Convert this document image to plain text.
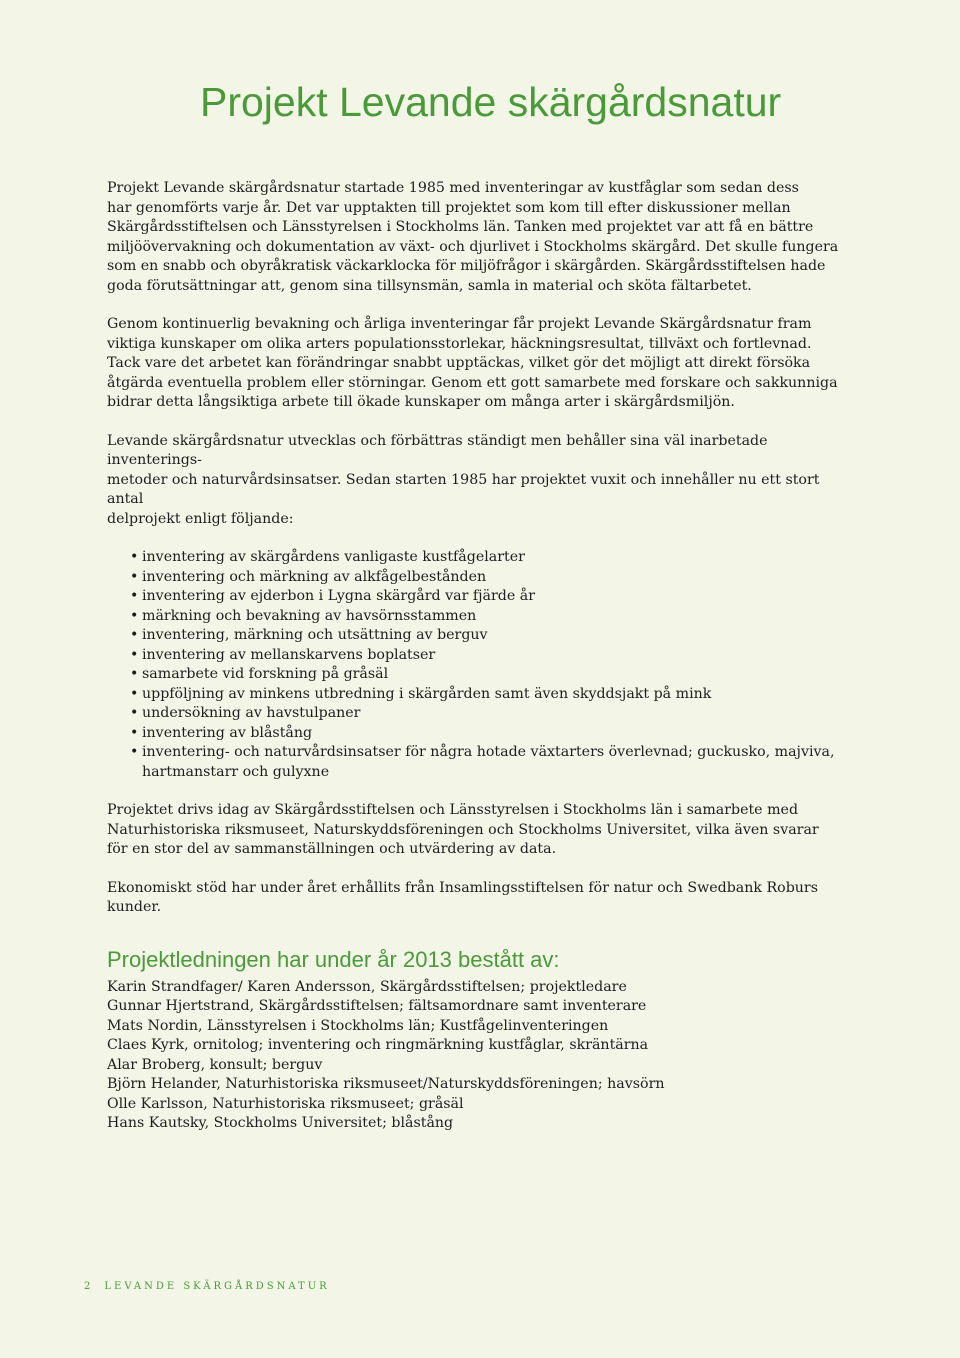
Projekt Levande skärgårdsnatur

Projekt Levande skärgårdsnatur startade 1985 med inventeringar av kustfåglar som sedan dess
har genomförts varje år. Det var upptakten till projektet som kom till efter diskussioner mellan
Skärgårdsstiftelsen och Länsstyrelsen i Stockholms län. Tanken med projektet var att få en bättre
miljöövervakning och dokumentation av växt- och djurlivet i Stockholms skärgård. Det skulle fungera
som en snabb och obyråkratisk väckarklocka för miljöfrågor i skärgården. Skärgårdsstiftelsen hade
goda förutsättningar att, genom sina tillsynsmän, samla in material och sköta fältarbetet.

Genom kontinuerlig bevakning och årliga inventeringar får projekt Levande Skärgårdsnatur fram
viktiga kunskaper om olika arters populationsstorlekar, häckningsresultat, tillväxt och fortlevnad.
Tack vare det arbetet kan förändringar snabbt upptäckas, vilket gör det möjligt att direkt försöka
åtgärda eventuella problem eller störningar. Genom ett gott samarbete med forskare och sakkunniga
bidrar detta långsiktiga arbete till ökade kunskaper om många arter i skärgårdsmiljön.

Levande skärgårdsnatur utvecklas och förbättras ständigt men behåller sina väl inarbetade inventerings-
metoder och naturvårdsinsatser. Sedan starten 1985 har projektet vuxit och innehåller nu ett stort antal
delprojekt enligt följande:

• inventering av skärgårdens vanligaste kustfågelarter
• inventering och märkning av alkfågelbestånden
• inventering av ejderbon i Lygna skärgård var fjärde år
• märkning och bevakning av havsörnsstammen
• inventering, märkning och utsättning av berguv
• inventering av mellanskarvens boplatser
• samarbete vid forskning på gråsäl
• uppföljning av minkens utbredning i skärgården samt även skyddsjakt på mink
• undersökning av havstulpaner
• inventering av blåstång
• inventering- och naturvårdsinsatser för några hotade växtarters överlevnad; guckusko, majviva,
hartmanstarr och gulyxne

Projektet drivs idag av Skärgårdsstiftelsen och Länsstyrelsen i Stockholms län i samarbete med
Naturhistoriska riksmuseet, Naturskyddsföreningen och Stockholms Universitet, vilka även svarar
för en stor del av sammanställningen och utvärdering av data.

Ekonomiskt stöd har under året erhållits från Insamlingsstiftelsen för natur och Swedbank Roburs
kunder.

Projektledningen har under år 2013 bestått av:
Karin Strandfager/ Karen Andersson, Skärgårdsstiftelsen; projektledare
Gunnar Hjertstrand, Skärgårdsstiftelsen; fältsamordnare samt inventerare
Mats Nordin, Länsstyrelsen i Stockholms län; Kustfågelinventeringen
Claes Kyrk, ornitolog; inventering och ringmärkning kustfåglar, skräntärna
Alar Broberg, konsult; berguv
Björn Helander, Naturhistoriska riksmuseet/Naturskyddsföreningen; havsörn
Olle Karlsson, Naturhistoriska riksmuseet; gråsäl
Hans Kautsky, Stockholms Universitet; blåstång
2 LEVANDE SKÄRGÅRDSNATUR
